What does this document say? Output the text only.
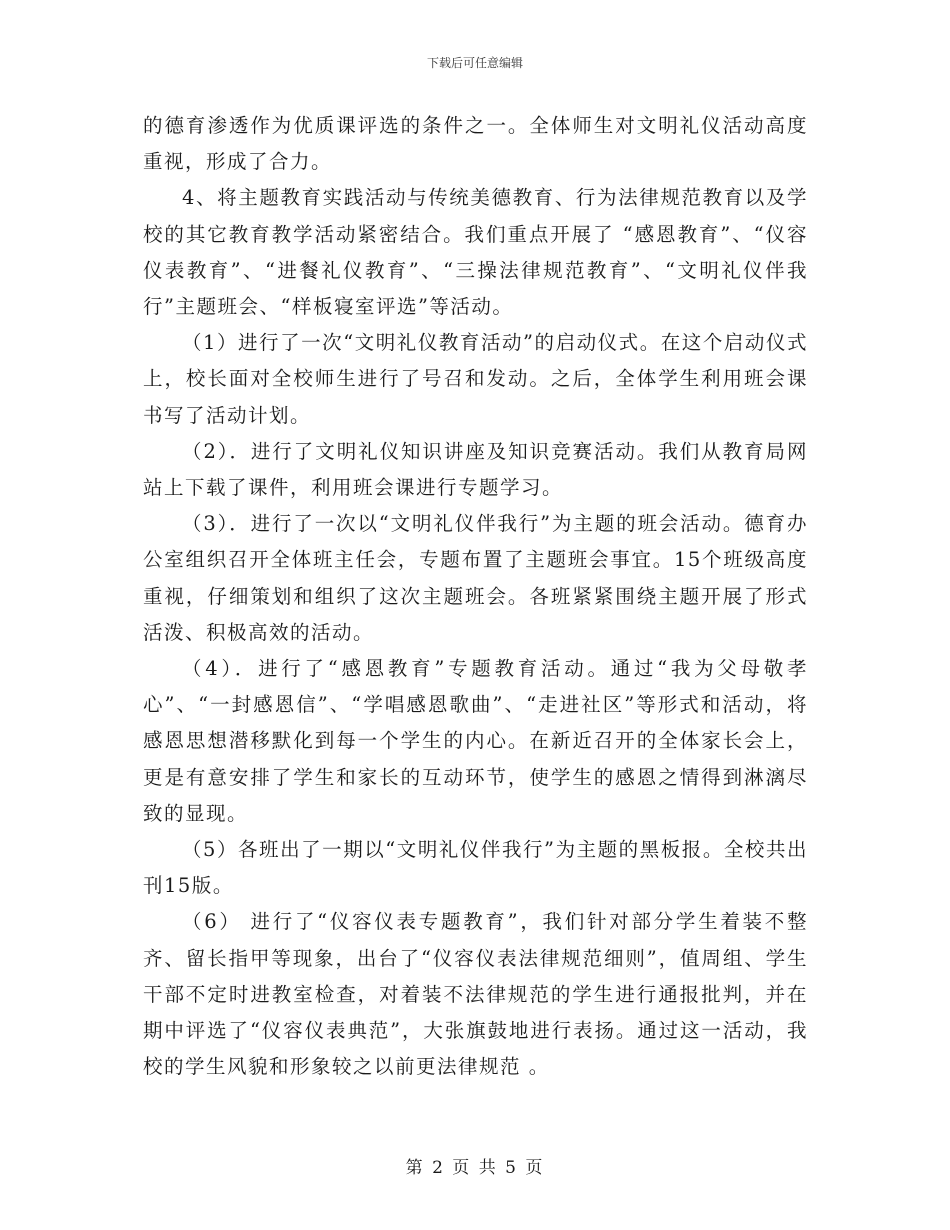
下载后可任意编辑

的德育渗透作为优质课评选的条件之一。全体师生对文明礼仪活动高度重视，形成了合力。

4、将主题教育实践活动与传统美德教育、行为法律规范教育以及学校的其它教育教学活动紧密结合。我们重点开展了 “感恩教育”、“仪容仪表教育”、“进餐礼仪教育”、“三操法律规范教育”、“文明礼仪伴我行”主题班会、“样板寝室评选”等活动。

（1）进行了一次“文明礼仪教育活动”的启动仪式。在这个启动仪式上，校长面对全校师生进行了号召和发动。之后，全体学生利用班会课书写了活动计划。

（2）．进行了文明礼仪知识讲座及知识竞赛活动。我们从教育局网站上下载了课件，利用班会课进行专题学习。

（3）．进行了一次以“文明礼仪伴我行”为主题的班会活动。德育办公室组织召开全体班主任会，专题布置了主题班会事宜。15个班级高度重视，仔细策划和组织了这次主题班会。各班紧紧围绕主题开展了形式活泼、积极高效的活动。

（4）．进行了“感恩教育”专题教育活动。通过“我为父母敬孝心”、“一封感恩信”、“学唱感恩歌曲”、“走进社区”等形式和活动，将感恩思想潜移默化到每一个学生的内心。在新近召开的全体家长会上，更是有意安排了学生和家长的互动环节，使学生的感恩之情得到淋漓尽致的显现。

（5）各班出了一期以“文明礼仪伴我行”为主题的黑板报。全校共出刊15版。

（6） 进行了“仪容仪表专题教育”，我们针对部分学生着装不整齐、留长指甲等现象，出台了“仪容仪表法律规范细则”，值周组、学生干部不定时进教室检查，对着装不法律规范的学生进行通报批判，并在期中评选了“仪容仪表典范”，大张旗鼓地进行表扬。通过这一活动，我校的学生风貌和形象较之以前更法律规范 。

第 2 页 共 5 页
